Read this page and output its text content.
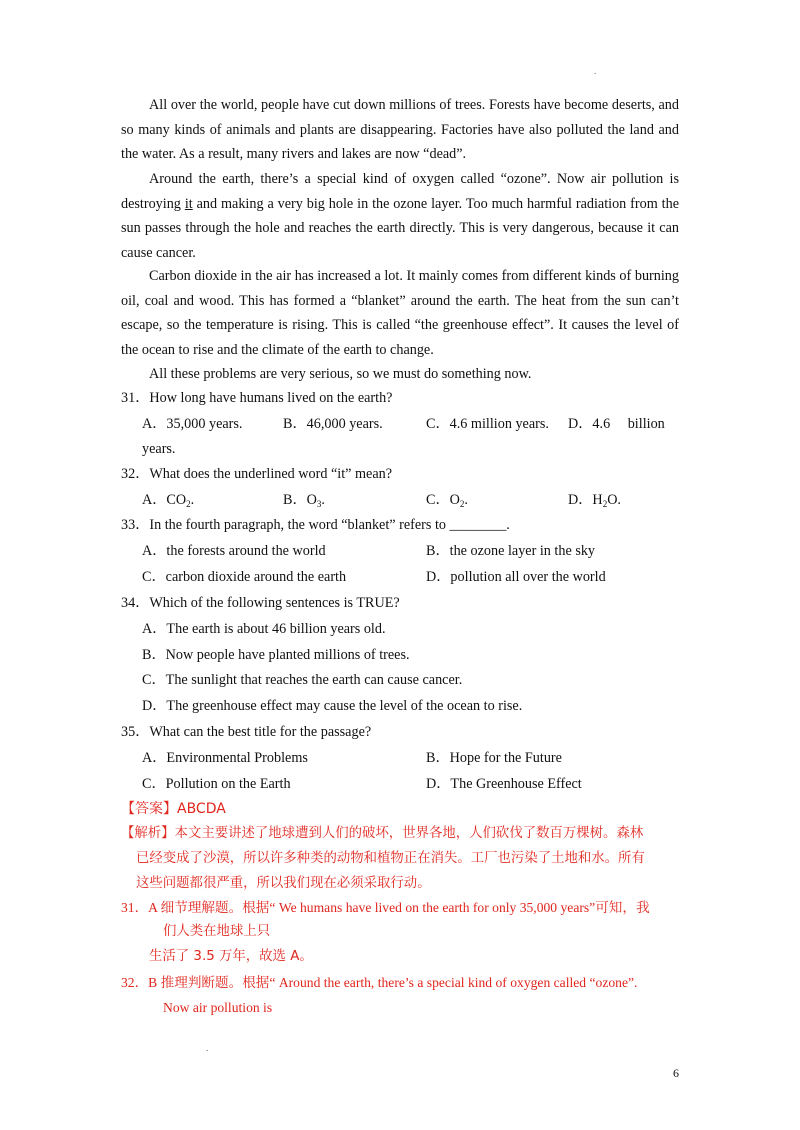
.

All over the world, people have cut down millions of trees. Forests have become deserts, and so many kinds of animals and plants are disappearing. Factories have also polluted the land and the water. As a result, many rivers and lakes are now “dead”.

Around the earth, there’s a special kind of oxygen called “ozone”. Now air pollution is destroying it and making a very big hole in the ozone layer. Too much harmful radiation from the sun passes through the hole and reaches the earth directly. This is very dangerous, because it can cause cancer.

Carbon dioxide in the air has increased a lot. It mainly comes from different kinds of burning oil, coal and wood. This has formed a “blanket” around the earth. The heat from the sun can’t escape, so the temperature is rising. This is called “the greenhouse effect”. It causes the level of the ocean to rise and the climate of the earth to change.

All these problems are very serious, so we must do something now.

31．How long have humans lived on the earth?

A．35,000 years.	B．46,000 years.	C．4.6 million years. D．4.6 billion

years.

32．What does the underlined word “it” mean?

A．$CO_2$.	B．$O_3$.	C．$O_2$.	D．$H_2O$.

33．In the fourth paragraph, the word “blanket” refers to ________.

A．the forests around the world	B．the ozone layer in the sky

C．carbon dioxide around the earth	D．pollution all over the world

34．Which of the following sentences is TRUE?

A．The earth is about 46 billion years old.

B．Now people have planted millions of trees.

C．The sunlight that reaches the earth can cause cancer.

D．The greenhouse effect may cause the level of the ocean to rise.

35．What can the best title for the passage?

A．Environmental Problems	B．Hope for the Future

C．Pollution on the Earth	D．The Greenhouse Effect

【答案】ABCDA

【解析】本文主要讲述了地球遭到人们的破坏，世界各地，人们砍伐了数百万棵树。森林

已经变成了沙漠，所以许多种类的动物和植物正在消失。工厂也污染了土地和水。所有

这些问题都很严重，所以我们现在必须采取行动。

31．A 细节理解题。根据“ We humans have lived on the earth for only 35,000 years”可知，我

们人类在地球上只

生活了 3.5 万年，故选 A。

32．B 推理判断题。根据“ Around the earth, there’s a special kind of oxygen called “ozone”.

Now air pollution is

.
6
